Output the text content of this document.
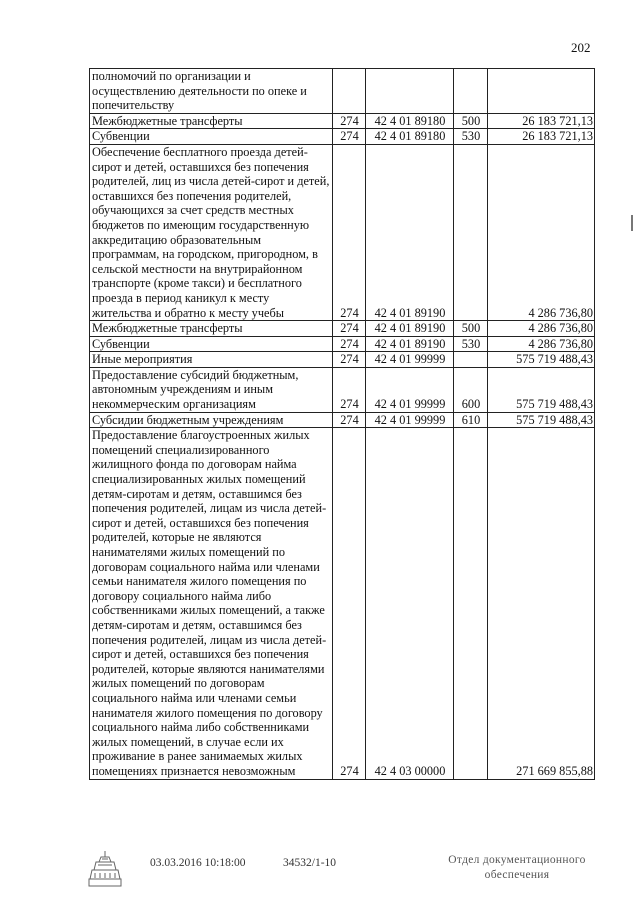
202
полномочий по организации и осуществлению деятельности по опеке и попечительству				
Межбюджетные трансферты	274	42 4 01 89180	500	26 183 721,13
Субвенции	274	42 4 01 89180	530	26 183 721,13
Обеспечение бесплатного проезда детей-сирот и детей, оставшихся без попечения родителей, лиц из числа детей-сирот и детей, оставшихся без попечения родителей, обучающихся за счет средств местных бюджетов по имеющим государственную аккредитацию образовательным программам, на городском, пригородном, в сельской местности на внутрирайонном транспорте (кроме такси) и бесплатного проезда в период каникул к месту жительства и обратно к месту учебы	274	42 4 01 89190		4 286 736,80
Межбюджетные трансферты	274	42 4 01 89190	500	4 286 736,80
Субвенции	274	42 4 01 89190	530	4 286 736,80
Иные мероприятия	274	42 4 01 99999		575 719 488,43
Предоставление субсидий бюджетным, автономным учреждениям и иным некоммерческим организациям	274	42 4 01 99999	600	575 719 488,43
Субсидии бюджетным учреждениям	274	42 4 01 99999	610	575 719 488,43
Предоставление благоустроенных жилых помещений специализированного жилищного фонда по договорам найма специализированных жилых помещений детям-сиротам и детям, оставшимся без попечения родителей, лицам из числа детей-сирот и детей, оставшихся без попечения родителей, которые не являются нанимателями жилых помещений по договорам социального найма или членами семьи нанимателя жилого помещения по договору социального найма либо собственниками жилых помещений, а также детям-сиротам и детям, оставшимся без попечения родителей, лицам из числа детей-сирот и детей, оставшихся без попечения родителей, которые являются нанимателями жилых помещений по договорам социального найма или членами семьи нанимателя жилого помещения по договору социального найма либо собственниками жилых помещений, в случае если их проживание в ранее занимаемых жилых помещениях признается невозможным	274	42 4 03 00000		271 669 855,88
03.03.2016 10:18:00	34532/1-10	Отдел документационного обеспечения
